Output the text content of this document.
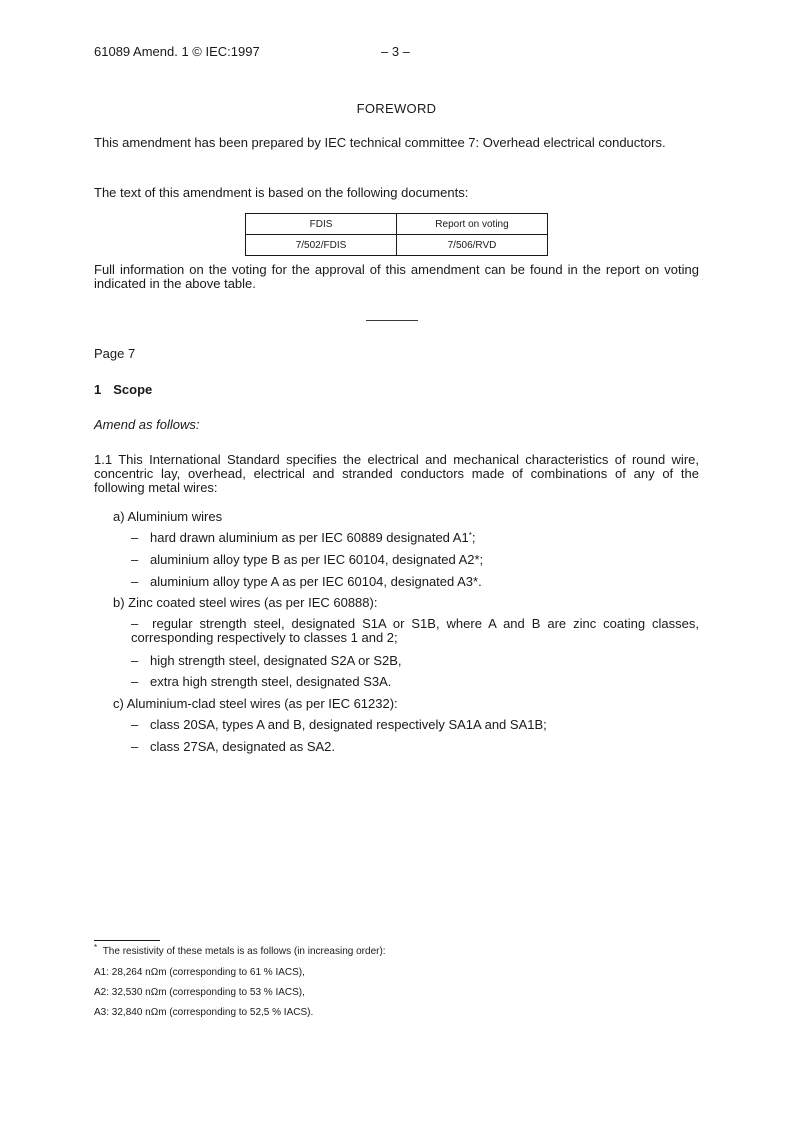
61089 Amend. 1 © IEC:1997	– 3 –
FOREWORD
This amendment has been prepared by IEC technical committee 7: Overhead electrical conductors.
The text of this amendment is based on the following documents:
FDIS	Report on voting
7/502/FDIS	7/506/RVD
Full information on the voting for the approval of this amendment can be found in the report on voting indicated in the above table.
————
Page 7
1 Scope
Amend as follows:
1.1 This International Standard specifies the electrical and mechanical characteristics of round wire, concentric lay, overhead, electrical and stranded conductors made of combinations of any of the following metal wires:
a) Aluminium wires
– hard drawn aluminium as per IEC 60889 designated A1*;
– aluminium alloy type B as per IEC 60104, designated A2*;
– aluminium alloy type A as per IEC 60104, designated A3*.
b) Zinc coated steel wires (as per IEC 60888):
– regular strength steel, designated S1A or S1B, where A and B are zinc coating classes, corresponding respectively to classes 1 and 2;
– high strength steel, designated S2A or S2B,
– extra high strength steel, designated S3A.
c) Aluminium-clad steel wires (as per IEC 61232):
– class 20SA, types A and B, designated respectively SA1A and SA1B;
– class 27SA, designated as SA2.
* The resistivity of these metals is as follows (in increasing order):
A1: 28,264 nΩm (corresponding to 61 % IACS),
A2: 32,530 nΩm (corresponding to 53 % IACS),
A3: 32,840 nΩm (corresponding to 52,5 % IACS).
